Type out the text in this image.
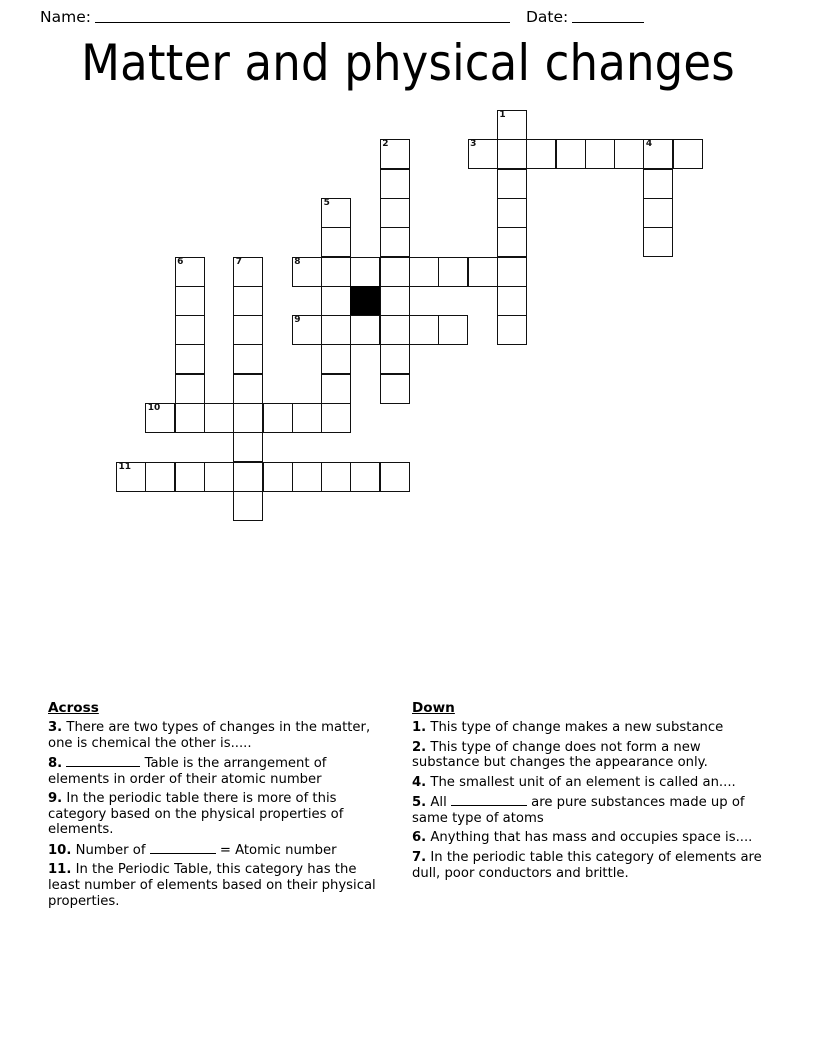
Name:	Date:
Matter and physical changes
1
2	3	4
5
6	7	8
9
10
11
Across

3. There are two types of changes in the matter, one is chemical the other is.....

8.	Table is the arrangement of elements in order of their atomic number

9. In the periodic table there is more of this category based on the physical properties of elements.

10. Number of	= Atomic number

11. In the Periodic Table, this category has the least number of elements based on their physical properties.

Down

1. This type of change makes a new substance

2. This type of change does not form a new substance but changes the appearance only.

4. The smallest unit of an element is called an....

5. All	are pure substances made up of same type of atoms

6. Anything that has mass and occupies space is....

7. In the periodic table this category of elements are dull, poor conductors and brittle.
